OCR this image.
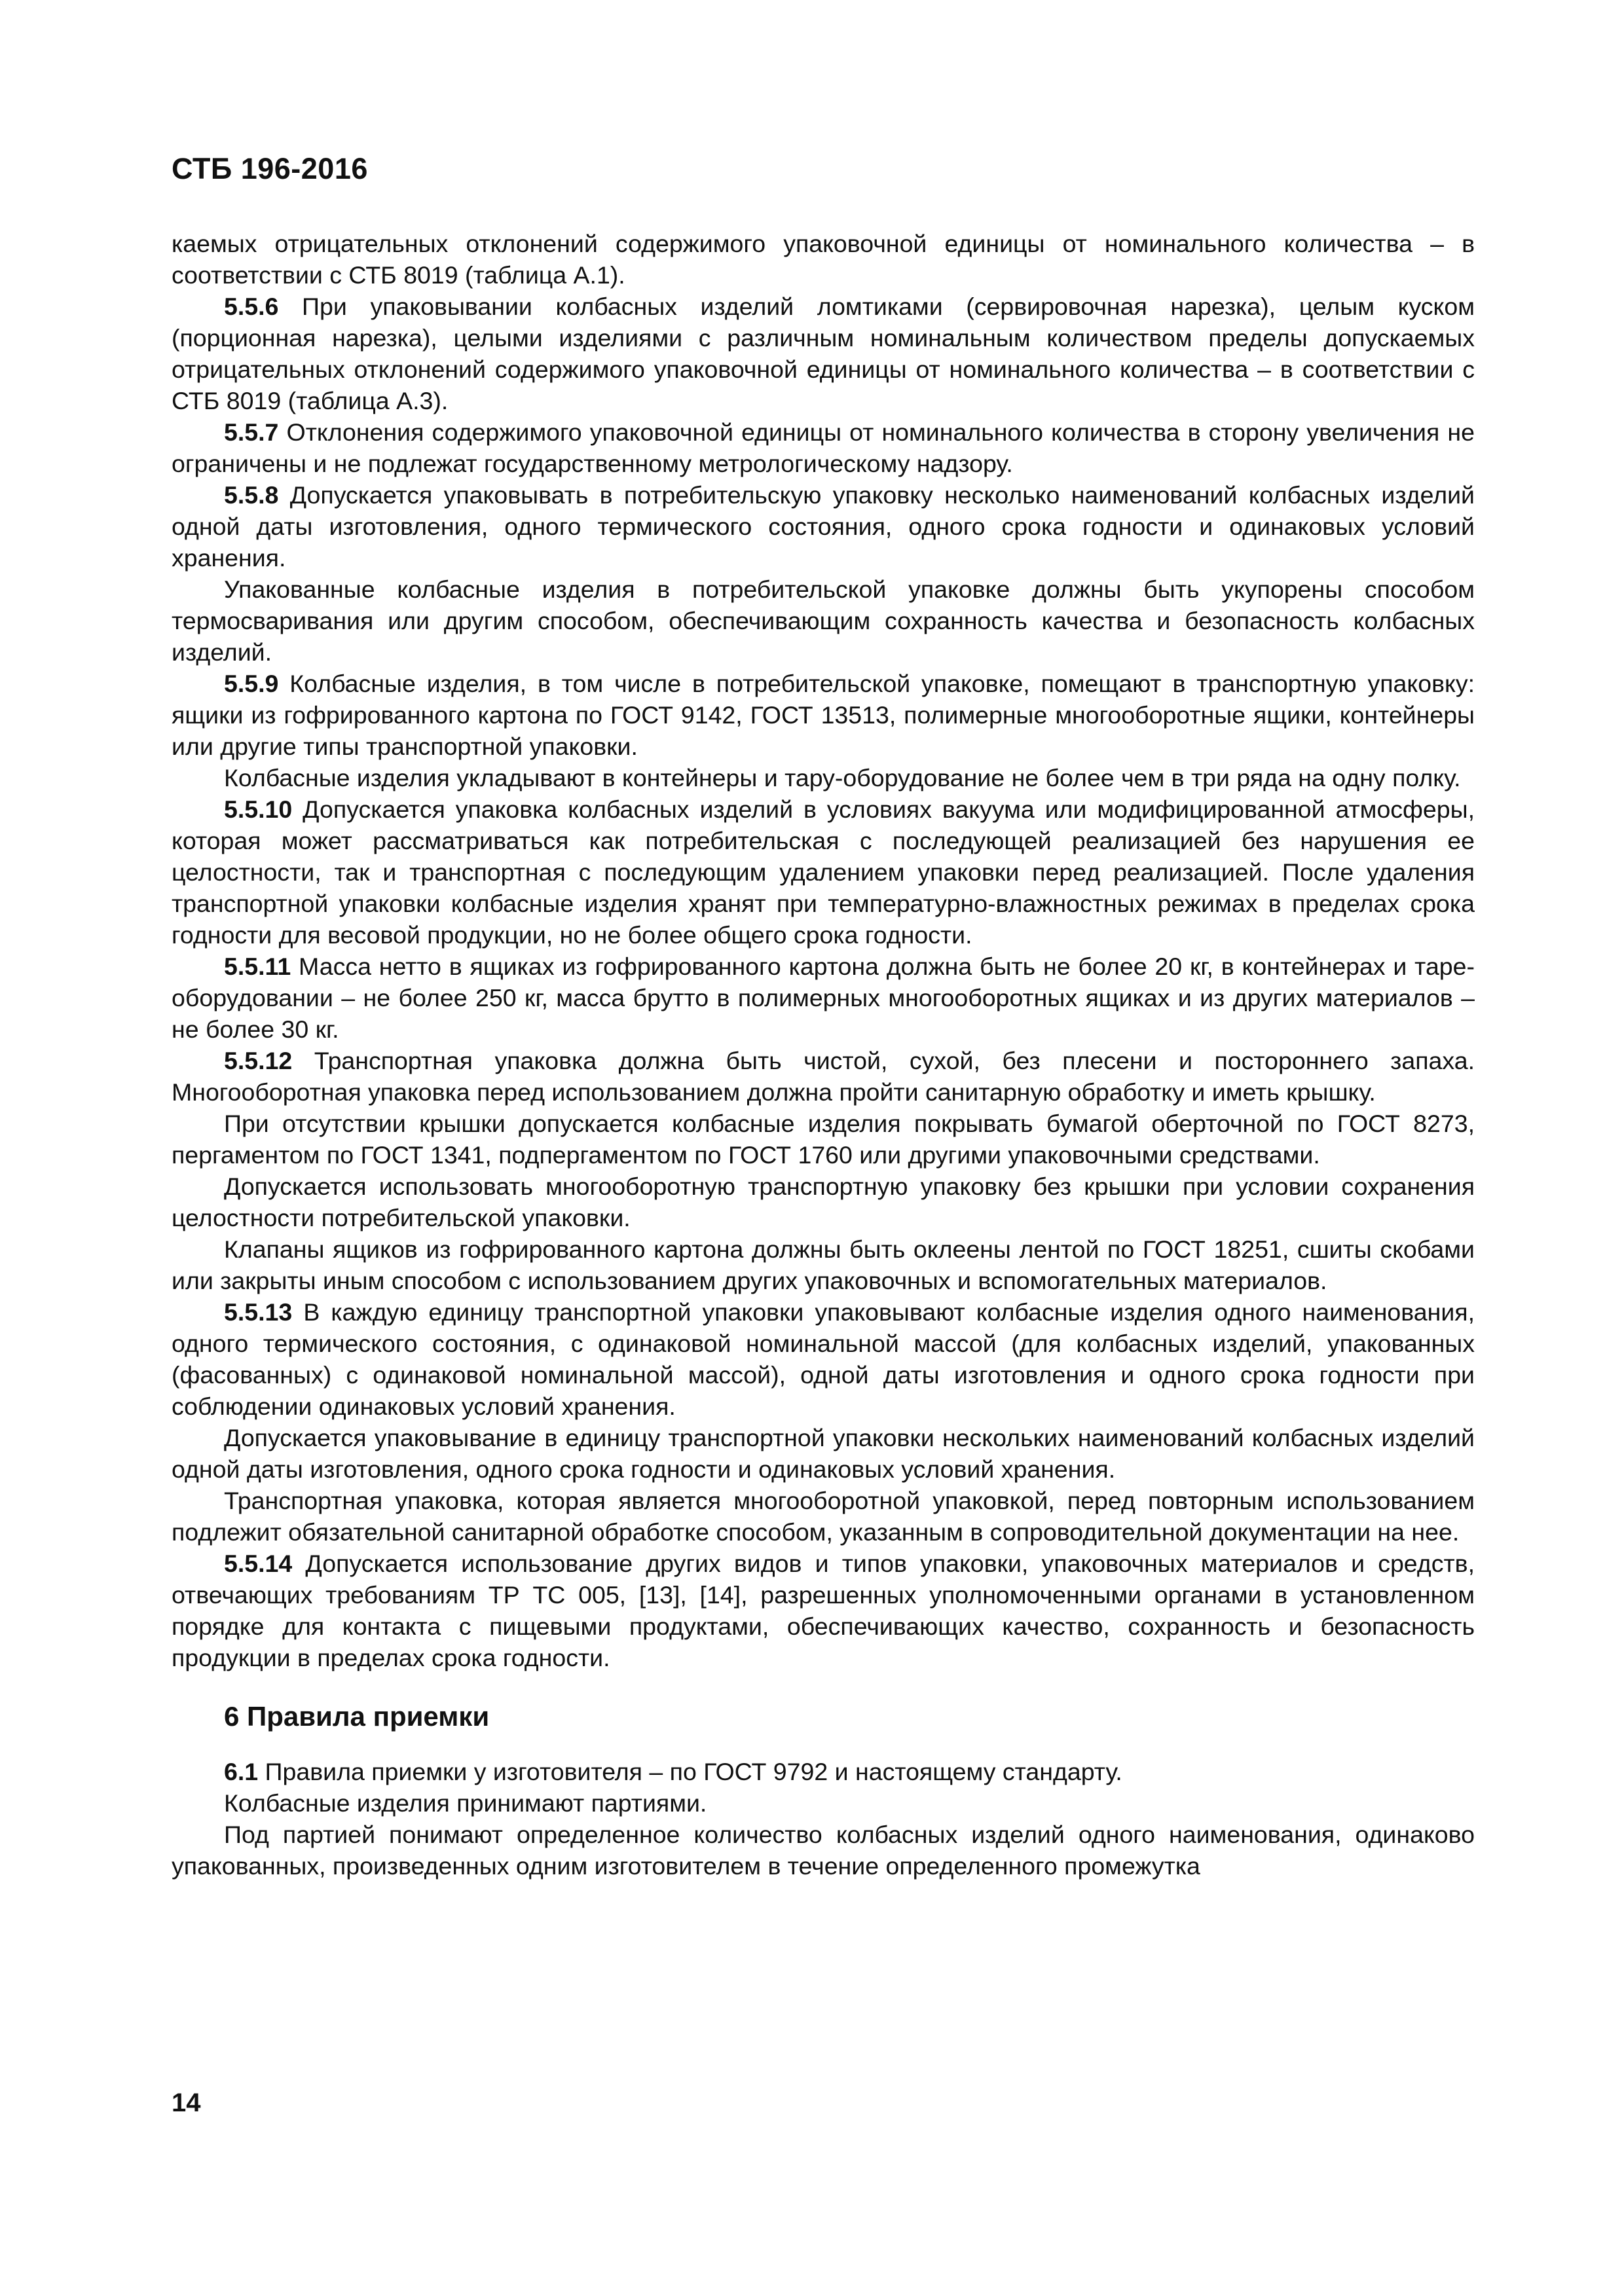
СТБ 196-2016

каемых отрицательных отклонений содержимого упаковочной единицы от номинального количества – в соответствии с СТБ 8019 (таблица А.1).

5.5.6 При упаковывании колбасных изделий ломтиками (сервировочная нарезка), целым куском (порционная нарезка), целыми изделиями с различным номинальным количеством пределы допускаемых отрицательных отклонений содержимого упаковочной единицы от номинального количества – в соответствии с СТБ 8019 (таблица А.3).

5.5.7 Отклонения содержимого упаковочной единицы от номинального количества в сторону увеличения не ограничены и не подлежат государственному метрологическому надзору.

5.5.8 Допускается упаковывать в потребительскую упаковку несколько наименований колбасных изделий одной даты изготовления, одного термического состояния, одного срока годности и одинаковых условий хранения.

Упакованные колбасные изделия в потребительской упаковке должны быть укупорены способом термосваривания или другим способом, обеспечивающим сохранность качества и безопасность колбасных изделий.

5.5.9 Колбасные изделия, в том числе в потребительской упаковке, помещают в транспортную упаковку: ящики из гофрированного картона по ГОСТ 9142, ГОСТ 13513, полимерные многооборотные ящики, контейнеры или другие типы транспортной упаковки.

Колбасные изделия укладывают в контейнеры и тару-оборудование не более чем в три ряда на одну полку.

5.5.10 Допускается упаковка колбасных изделий в условиях вакуума или модифицированной атмосферы, которая может рассматриваться как потребительская с последующей реализацией без нарушения ее целостности, так и транспортная с последующим удалением упаковки перед реализацией. После удаления транспортной упаковки колбасные изделия хранят при температурно-влажностных режимах в пределах срока годности для весовой продукции, но не более общего срока годности.

5.5.11 Масса нетто в ящиках из гофрированного картона должна быть не более 20 кг, в контейнерах и таре-оборудовании – не более 250 кг, масса брутто в полимерных многооборотных ящиках и из других материалов – не более 30 кг.

5.5.12 Транспортная упаковка должна быть чистой, сухой, без плесени и постороннего запаха. Многооборотная упаковка перед использованием должна пройти санитарную обработку и иметь крышку.

При отсутствии крышки допускается колбасные изделия покрывать бумагой оберточной по ГОСТ 8273, пергаментом по ГОСТ 1341, подпергаментом по ГОСТ 1760 или другими упаковочными средствами.

Допускается использовать многооборотную транспортную упаковку без крышки при условии сохранения целостности потребительской упаковки.

Клапаны ящиков из гофрированного картона должны быть оклеены лентой по ГОСТ 18251, сшиты скобами или закрыты иным способом с использованием других упаковочных и вспомогательных материалов.

5.5.13 В каждую единицу транспортной упаковки упаковывают колбасные изделия одного наименования, одного термического состояния, с одинаковой номинальной массой (для колбасных изделий, упакованных (фасованных) с одинаковой номинальной массой), одной даты изготовления и одного срока годности при соблюдении одинаковых условий хранения.

Допускается упаковывание в единицу транспортной упаковки нескольких наименований колбасных изделий одной даты изготовления, одного срока годности и одинаковых условий хранения.

Транспортная упаковка, которая является многооборотной упаковкой, перед повторным использованием подлежит обязательной санитарной обработке способом, указанным в сопроводительной документации на нее.

5.5.14 Допускается использование других видов и типов упаковки, упаковочных материалов и средств, отвечающих требованиям ТР ТС 005, [13], [14], разрешенных уполномоченными органами в установленном порядке для контакта с пищевыми продуктами, обеспечивающих качество, сохранность и безопасность продукции в пределах срока годности.

6 Правила приемки

6.1 Правила приемки у изготовителя – по ГОСТ 9792 и настоящему стандарту.

Колбасные изделия принимают партиями.

Под партией понимают определенное количество колбасных изделий одного наименования, одинаково упакованных, произведенных одним изготовителем в течение определенного промежутка

14
